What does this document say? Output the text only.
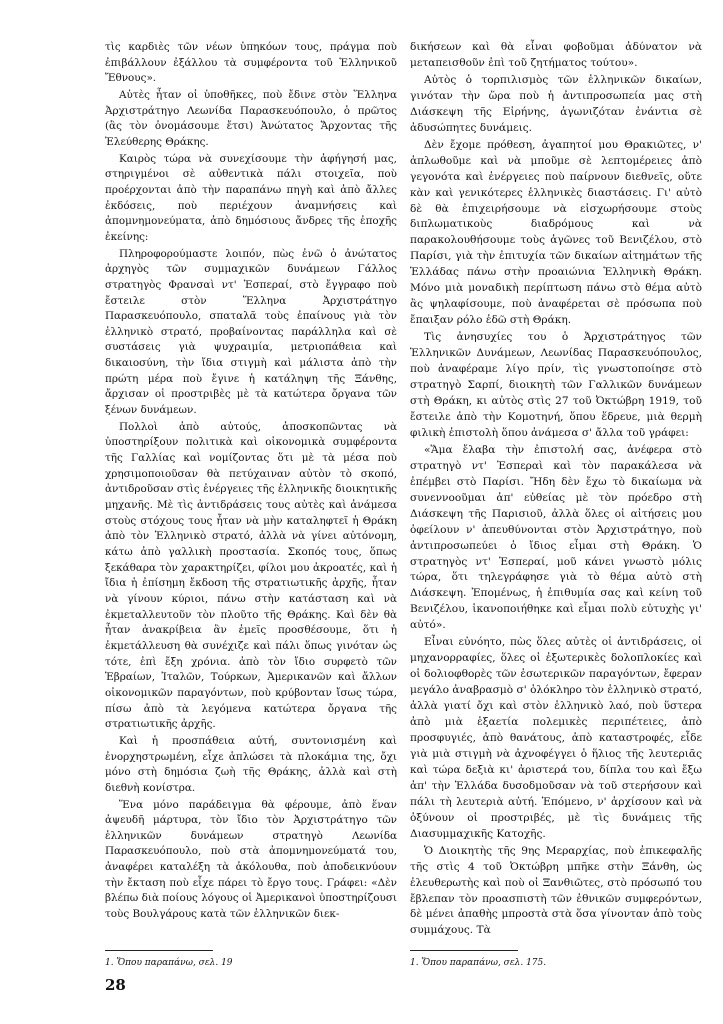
τὶς καρδιὲς τῶν νέων ὑπηκόων τους, πράγμα ποὺ ἐπιβάλλουν ἐξάλλου τὰ συμφέροντα τοῦ Ἑλληνικοῦ Ἔθνους».

Αὐτὲς ἦταν οἱ ὑποθῆκες, ποὺ ἔδινε στὸν Ἕλληνα Ἀρχιστράτηγο Λεωνίδα Παρασκευόπουλο, ὁ πρῶτος (ἂς τὸν ὀνομάσουμε ἔτσι) Ἀνώτατος Ἄρχοντας τῆς Ἐλεύθερης Θράκης.

Καιρὸς τώρα νὰ συνεχίσουμε τὴν ἀφήγησή μας, στηριγμένοι σὲ αὐθεντικὰ πάλι στοιχεῖα, ποὺ προέρχονται ἀπὸ τὴν παραπάνω πηγὴ καὶ ἀπὸ ἄλλες ἐκδόσεις, ποὺ περιέχουν ἀναμνήσεις καὶ ἀπομνημονεύματα, ἀπὸ δημόσιους ἄνδρες τῆς ἐποχῆς ἐκείνης:

Πληροφορούμαστε λοιπόν, πὼς ἐνῶ ὁ ἀνώτατος ἀρχηγὸς τῶν συμμαχικῶν δυνάμεων Γάλλος στρατηγὸς Φρανσαὶ ντ' Ἐσπεραί, στὸ ἔγγραφο ποὺ ἔστειλε στὸν Ἕλληνα Ἀρχιστράτηγο Παρασκευόπουλο, σπαταλᾶ τοὺς ἐπαίνους γιὰ τὸν ἑλληνικὸ στρατό, προβαίνοντας παράλληλα καὶ σὲ συστάσεις γιὰ ψυχραιμία, μετριοπάθεια καὶ δικαιοσύνη, τὴν ἴδια στιγμὴ καὶ μάλιστα ἀπὸ τὴν πρώτη μέρα ποὺ ἔγινε ἡ κατάληψη τῆς Ξάνθης, ἄρχισαν οἱ προστριβὲς μὲ τὰ κατώτερα ὄργανα τῶν ξένων δυνάμεων.

Πολλοὶ ἀπὸ αὐτούς, ἀποσκοπῶντας νὰ ὑποστηρίξουν πολιτικὰ καὶ οἰκονομικὰ συμφέροντα τῆς Γαλλίας καὶ νομίζοντας ὅτι μὲ τὰ μέσα ποὺ χρησιμοποιοῦσαν θὰ πετύχαιναν αὐτὸν τὸ σκοπό, ἀντιδροῦσαν στὶς ἐνέργειες τῆς ἑλληνικῆς διοικητικῆς μηχανῆς. Μὲ τὶς ἀντιδράσεις τους αὐτὲς καὶ ἀνάμεσα στοὺς στόχους τους ἦταν νὰ μὴν καταληφτεῖ ἡ Θράκη ἀπὸ τὸν Ἑλληνικὸ στρατό, ἀλλὰ νὰ γίνει αὐτόνομη, κάτω ἀπὸ γαλλικὴ προστασία. Σκοπός τους, ὅπως ξεκάθαρα τὸν χαρακτηρίζει, φίλοι μου ἀκροατές, καὶ ἡ ἴδια ἡ ἐπίσημη ἔκδοση τῆς στρατιωτικῆς ἀρχῆς, ἦταν νὰ γίνουν κύριοι, πάνω στὴν κατάσταση καὶ νὰ ἐκμεταλλευτοῦν τὸν πλοῦτο τῆς Θράκης. Καὶ δὲν θὰ ἦταν ἀνακρίβεια ἂν ἐμεῖς προσθέσουμε, ὅτι ἡ ἐκμετάλλευση θὰ συνέχιζε καὶ πάλι ὅπως γινόταν ὡς τότε, ἐπὶ ἔξη χρόνια. ἀπὸ τὸν ἴδιο συρφετὸ τῶν Ἑβραίων, Ἰταλῶν, Τούρκων, Ἀμερικανῶν καὶ ἄλλων οἰκονομικῶν παραγόντων, ποὺ κρύβονταν ἴσως τώρα, πίσω ἀπὸ τὰ λεγόμενα κατώτερα ὄργανα τῆς στρατιωτικῆς ἀρχῆς.

Καὶ ἡ προσπάθεια αὐτή, συντονισμένη καὶ ἐνορχηστρωμένη, εἶχε ἁπλώσει τὰ πλοκάμια της, ὄχι μόνο στὴ δημόσια ζωὴ τῆς Θράκης, ἀλλὰ καὶ στὴ διεθνὴ κονίστρα.

Ἕνα μόνο παράδειγμα θὰ φέρουμε, ἀπὸ ἕναν ἀψευδῆ μάρτυρα, τὸν ἴδιο τὸν Ἀρχιστράτηγο τῶν ἑλληνικῶν δυνάμεων στρατηγὸ Λεωνίδα Παρασκευόπουλο, ποὺ στὰ ἀπομνημονεύματά του, ἀναφέρει καταλέξη τὰ ἀκόλουθα, ποὺ ἀποδεικνύουν τὴν ἔκταση ποὺ εἶχε πάρει τὸ ἔργο τους. Γράφει: «Δὲν βλέπω διὰ ποίους λόγους οἱ Ἀμερικανοὶ ὑποστηρίζουσι τοὺς Βουλγάρους κατὰ τῶν ἑλληνικῶν διεκ-

δικήσεων καὶ θὰ εἶναι φοβοῦμαι ἀδύνατον νὰ μεταπεισθοῦν ἐπὶ τοῦ ζητήματος τούτου».

Αὐτὸς ὁ τορπιλισμὸς τῶν ἑλληνικῶν δικαίων, γινόταν τὴν ὥρα ποὺ ἡ ἀντιπροσωπεία μας στὴ Διάσκεψη τῆς Εἰρήνης, ἀγωνιζόταν ἐνάντια σὲ ἀδυσώπητες δυνάμεις.

Δὲν ἔχομε πρόθεση, ἀγαπητοί μου Θρακιῶτες, ν' ἁπλωθοῦμε καὶ νὰ μποῦμε σὲ λεπτομέρειες ἀπὸ γεγονότα καὶ ἐνέργειες ποὺ παίρνουν διεθνεῖς, οὔτε κὰν καὶ γενικότερες ἑλληνικὲς διαστάσεις. Γι' αὐτὸ δὲ θὰ ἐπιχειρήσουμε νὰ εἰσχωρήσουμε στοὺς διπλωματικοὺς διαδρόμους καὶ νὰ παρακολουθήσουμε τοὺς ἀγῶνες τοῦ Βενιζέλου, στὸ Παρίσι, γιὰ τὴν ἐπιτυχία τῶν δικαίων αἰτημάτων τῆς Ἑλλάδας πάνω στὴν προαιώνια Ἑλληνικὴ Θράκη. Μόνο μιὰ μοναδικὴ περίπτωση πάνω στὸ θέμα αὐτὸ ἂς ψηλαφίσουμε, ποὺ ἀναφέρεται σὲ πρόσωπα ποὺ ἔπαιξαν ρόλο ἐδῶ στὴ Θράκη.

Τὶς ἀνησυχίες του ὁ Ἀρχιστράτηγος τῶν Ἑλληνικῶν Δυνάμεων, Λεωνίδας Παρασκευόπουλος, ποὺ ἀναφέραμε λίγο πρίν, τὶς γνωστοποίησε στὸ στρατηγὸ Σαρπί, διοικητὴ τῶν Γαλλικῶν δυνάμεων στὴ Θράκη, κι αὐτὸς στὶς 27 τοῦ Ὀκτώβρη 1919, τοῦ ἔστειλε ἀπὸ τὴν Κομοτηνή, ὅπου ἕδρευε, μιὰ θερμὴ φιλικὴ ἐπιστολὴ ὅπου ἀνάμεσα σ' ἄλλα τοῦ γράφει:

«Ἅμα ἔλαβα τὴν ἐπιστολή σας, ἀνέφερα στὸ στρατηγὸ ντ' Ἐσπεραὶ καὶ τὸν παρακάλεσα νὰ ἐπέμβει στὸ Παρίσι. Ἤδη δὲν ἔχω τὸ δικαίωμα νὰ συνεννοοῦμαι ἀπ' εὐθείας μὲ τὸν πρόεδρο στὴ Διάσκεψη τῆς Παρισιοῦ, ἀλλὰ ὅλες οἱ αἰτήσεις μου ὀφείλουν ν' ἀπευθύνονται στὸν Ἀρχιστράτηγο, ποὺ ἀντιπροσωπεύει ὁ ἴδιος εἶμαι στὴ Θράκη. Ὁ στρατηγὸς ντ' Ἐσπεραί, μοῦ κάνει γνωστὸ μόλις τώρα, ὅτι τηλεγράφησε γιὰ τὸ θέμα αὐτὸ στὴ Διάσκεψη. Ἐπομένως, ἡ ἐπιθυμία σας καὶ κείνη τοῦ Βενιζέλου, ἱκανοποιήθηκε καὶ εἶμαι πολὺ εὐτυχὴς γι' αὐτό».

Εἶναι εὐνόητο, πὼς ὅλες αὐτὲς οἱ ἀντιδράσεις, οἱ μηχανορραφίες, ὅλες οἱ ἐξωτερικὲς δολοπλοκίες καὶ οἱ δολιοφθορὲς τῶν ἐσωτερικῶν παραγόντων, ἔφεραν μεγάλο ἀναβρασμὸ σ' ὁλόκληρο τὸν ἑλληνικὸ στρατό, ἀλλὰ γιατί ὄχι καὶ στὸν ἑλληνικὸ λαό, ποὺ ὕστερα ἀπὸ μιὰ ἑξαετία πολεμικὲς περιπέτειες, ἀπὸ προσφυγιές, ἀπὸ θανάτους, ἀπὸ καταστροφές, εἶδε γιὰ μιὰ στιγμὴ νὰ ἀχνοφέγγει ὁ ἥλιος τῆς λευτεριᾶς καὶ τώρα δεξιὰ κι' ἀριστερά του, δίπλα του καὶ ἔξω ἀπ' τὴν Ἑλλάδα δυσοδμοῦσαν νὰ τοῦ στερήσουν καὶ πάλι τὴ λευτεριὰ αὐτή. Ἐπόμενο, ν' ἀρχίσουν καὶ νὰ ὀξύνουν οἱ προστριβές, μὲ τὶς δυνάμεις τῆς Διασυμμαχικῆς Κατοχῆς.

Ὁ Διοικητὴς τῆς 9ης Μεραρχίας, ποὺ ἐπικεφαλῆς τῆς στὶς 4 τοῦ Ὀκτώβρη μπῆκε στὴν Ξάνθη, ὡς ἐλευθερωτὴς καὶ ποὺ οἱ Ξανθιῶτες, στὸ πρόσωπό του ἔβλεπαν τὸν προασπιστὴ τῶν ἐθνικῶν συμφερόντων, δὲ μένει ἀπαθὴς μπροστὰ στὰ ὅσα γίνονταν ἀπὸ τοὺς συμμάχους. Τὰ

1. Ὅπου παραπάνω, σελ. 19	1. Ὅπου παραπάνω, σελ. 175.
28
